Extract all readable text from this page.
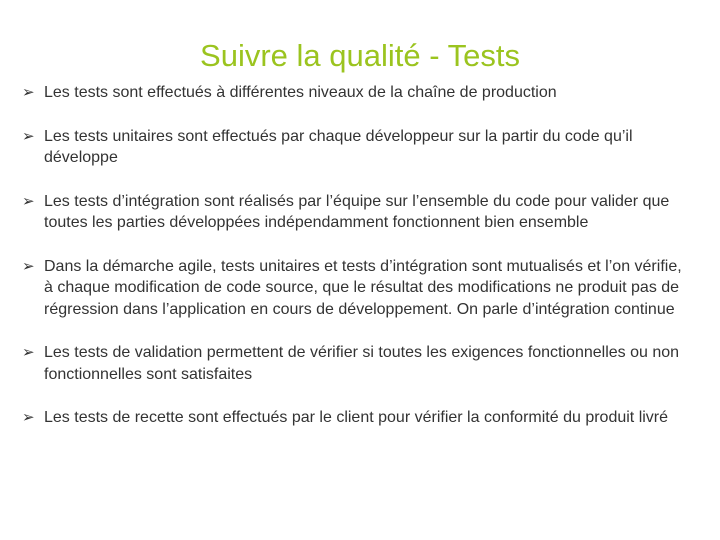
Suivre la qualité - Tests
➢ Les tests sont effectués à différentes niveaux de la chaîne de production
➢ Les tests unitaires sont effectués par chaque développeur sur la partir du code qu’il développe
➢ Les tests d’intégration sont réalisés par l’équipe sur l’ensemble du code pour valider que toutes les parties développées indépendamment fonctionnent bien ensemble
➢ Dans la démarche agile, tests unitaires et tests d’intégration sont mutualisés et l’on vérifie, à chaque modification de code source, que le résultat des modifications ne produit pas de régression dans l’application en cours de développement. On parle d’intégration continue
➢ Les tests de validation permettent de vérifier si toutes les exigences fonctionnelles ou non fonctionnelles sont satisfaites
➢ Les tests de recette sont effectués par le client pour vérifier la conformité du produit livré
